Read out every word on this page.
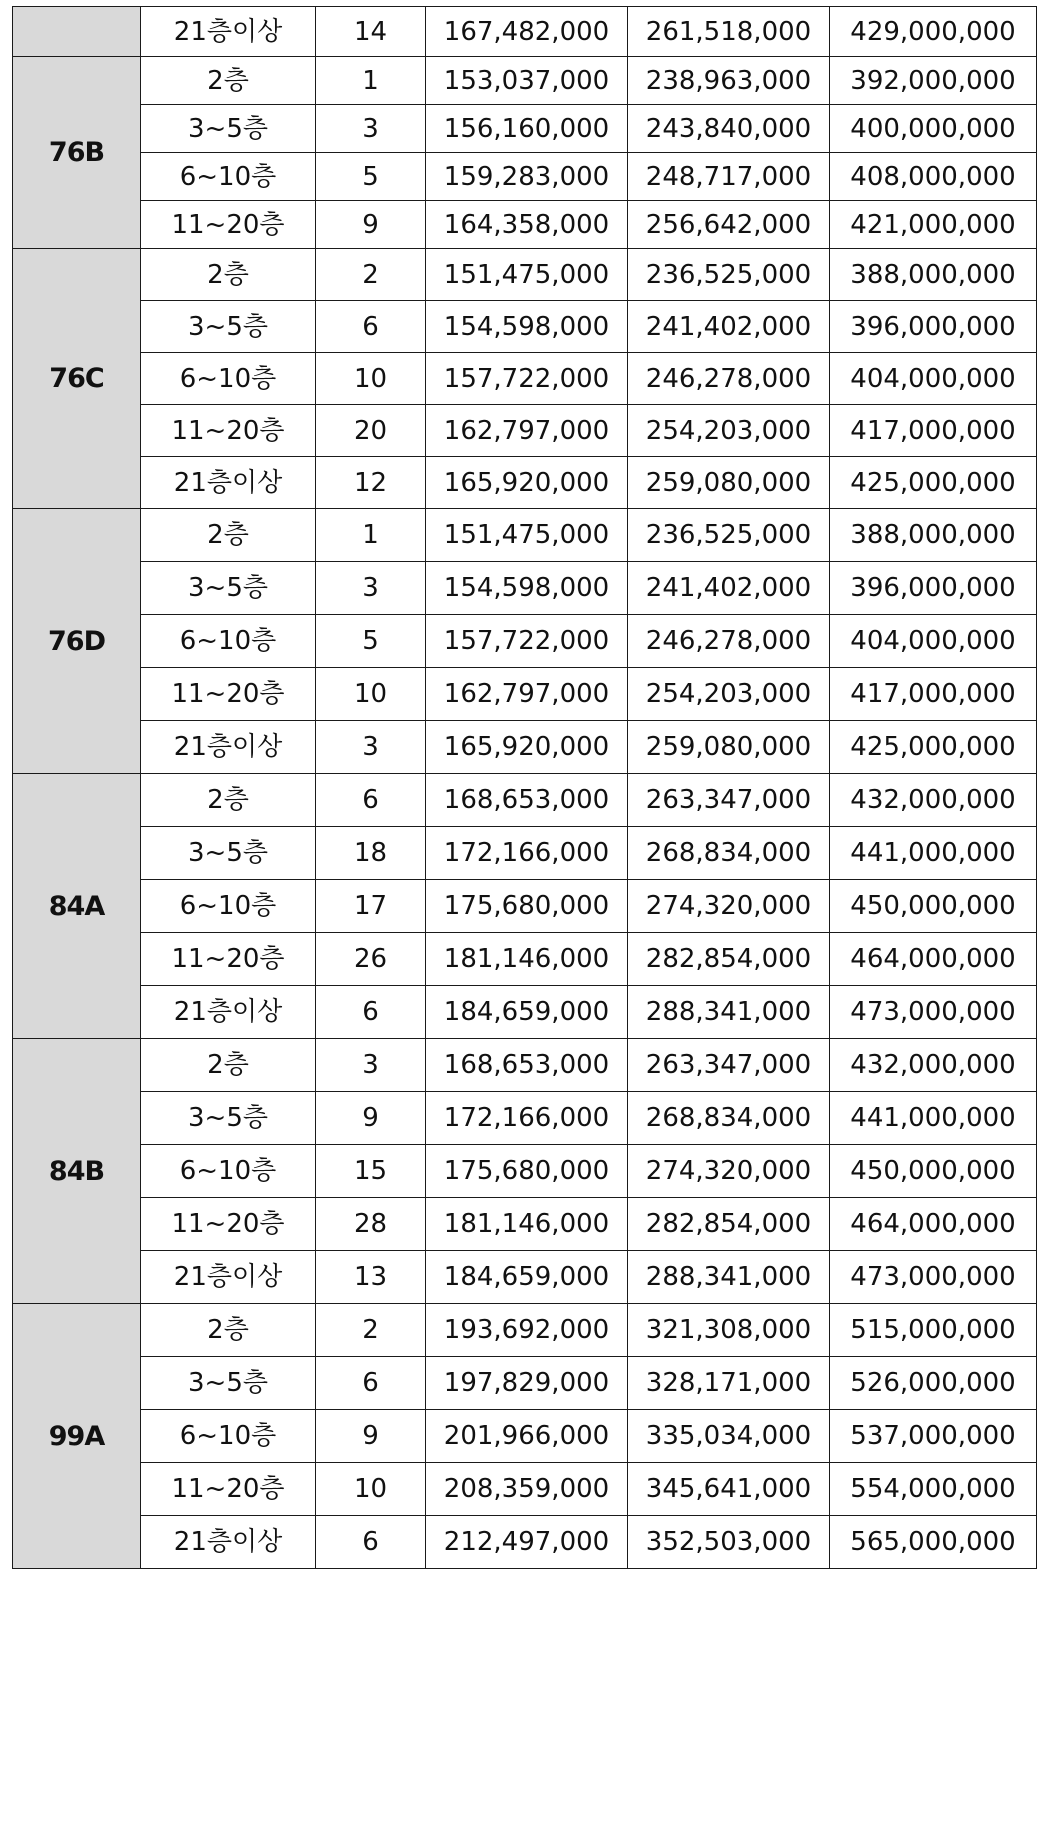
	21층이상	14	167,482,000	261,518,000	429,000,000
76B	2층	1	153,037,000	238,963,000	392,000,000
	3~5층	3	156,160,000	243,840,000	400,000,000
	6~10층	5	159,283,000	248,717,000	408,000,000
	11~20층	9	164,358,000	256,642,000	421,000,000
76C	2층	2	151,475,000	236,525,000	388,000,000
	3~5층	6	154,598,000	241,402,000	396,000,000
	6~10층	10	157,722,000	246,278,000	404,000,000
	11~20층	20	162,797,000	254,203,000	417,000,000
	21층이상	12	165,920,000	259,080,000	425,000,000
76D	2층	1	151,475,000	236,525,000	388,000,000
	3~5층	3	154,598,000	241,402,000	396,000,000
	6~10층	5	157,722,000	246,278,000	404,000,000
	11~20층	10	162,797,000	254,203,000	417,000,000
	21층이상	3	165,920,000	259,080,000	425,000,000
84A	2층	6	168,653,000	263,347,000	432,000,000
	3~5층	18	172,166,000	268,834,000	441,000,000
	6~10층	17	175,680,000	274,320,000	450,000,000
	11~20층	26	181,146,000	282,854,000	464,000,000
	21층이상	6	184,659,000	288,341,000	473,000,000
84B	2층	3	168,653,000	263,347,000	432,000,000
	3~5층	9	172,166,000	268,834,000	441,000,000
	6~10층	15	175,680,000	274,320,000	450,000,000
	11~20층	28	181,146,000	282,854,000	464,000,000
	21층이상	13	184,659,000	288,341,000	473,000,000
99A	2층	2	193,692,000	321,308,000	515,000,000
	3~5층	6	197,829,000	328,171,000	526,000,000
	6~10층	9	201,966,000	335,034,000	537,000,000
	11~20층	10	208,359,000	345,641,000	554,000,000
	21층이상	6	212,497,000	352,503,000	565,000,000
